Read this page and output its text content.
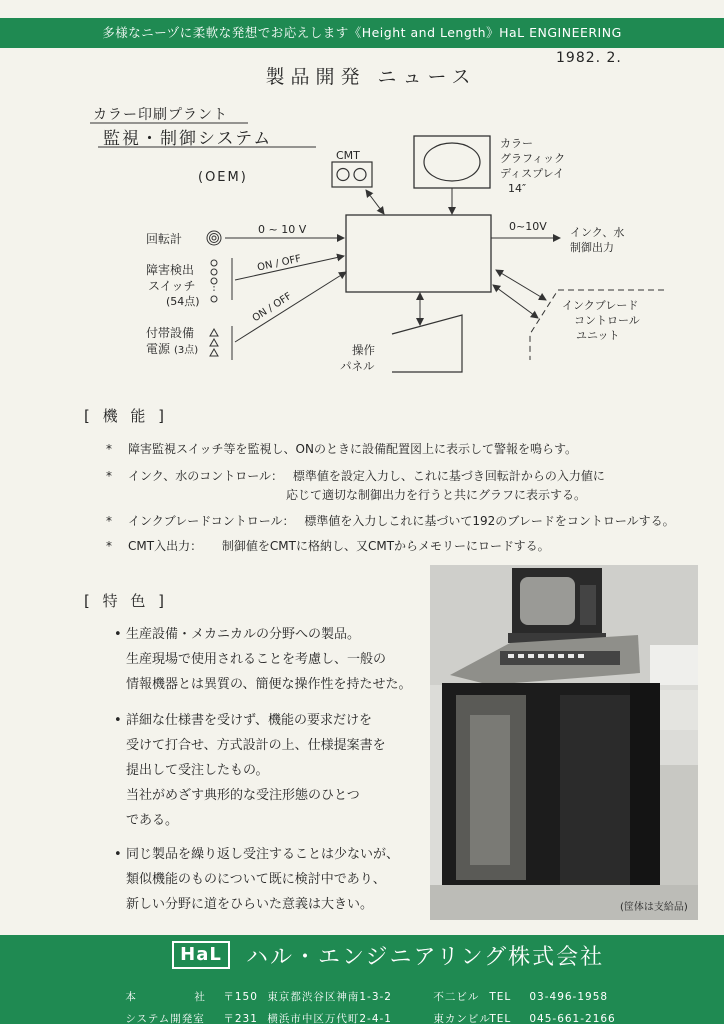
多様なニーヅに柔軟な発想でお応えします《Height and Length》HaL ENGINEERING
製品開発 ニュース
1982. 2.
カラー印刷プラント
監視・制御システム
(OEM)
CMT
カラー
グラフィック
ディスプレイ
14″
回転計
0 ~ 10 V
障害検出
スイッチ
(54点)
ON / OFF
付帯設備
電源 (3点)
ON / OFF
0~10V インク、水
制御出力
インクブレード
コントロール
ユニット
操作
パネル
[ 機 能 ]
* 障害監視スイッチ等を監視し、ONのときに設備配置図上に表示して警報を鳴らす。
* インク、水のコントロール： 標準値を設定入力し、これに基づき回転計からの入力値に
応じて適切な制御出力を行うと共にグラフに表示する。
* インクブレードコントロール： 標準値を入力しこれに基づいて192のブレードをコントロールする。
* CMT入出力： 制御値をCMTに格納し、又CMTからメモリーにロードする。
[ 特 色 ]
• 生産設備・メカニカルの分野への製品。
生産現場で使用されることを考慮し、一般の
情報機器とは異質の、簡便な操作性を持たせた。
• 詳細な仕様書を受けず、機能の要求だけを
受けて打合せ、方式設計の上、仕様提案書を
提出して受注したもの。
当社がめざす典形的な受注形態のひとつ
である。
• 同じ製品を繰り返し受注することは少ないが、
類似機能のものについて既に検討中であり、
新しい分野に道をひらいた意義は大きい。	(筐体は支給品)
HaL	ハル・エンジニアリング株式会社

本　　　　　社 〒150 東京都渋谷区神南1-3-2	不二ビル TEL 03-496-1958

システム開発室 〒231 横浜市中区万代町2-4-1	東カンビルTEL 045-661-2166
